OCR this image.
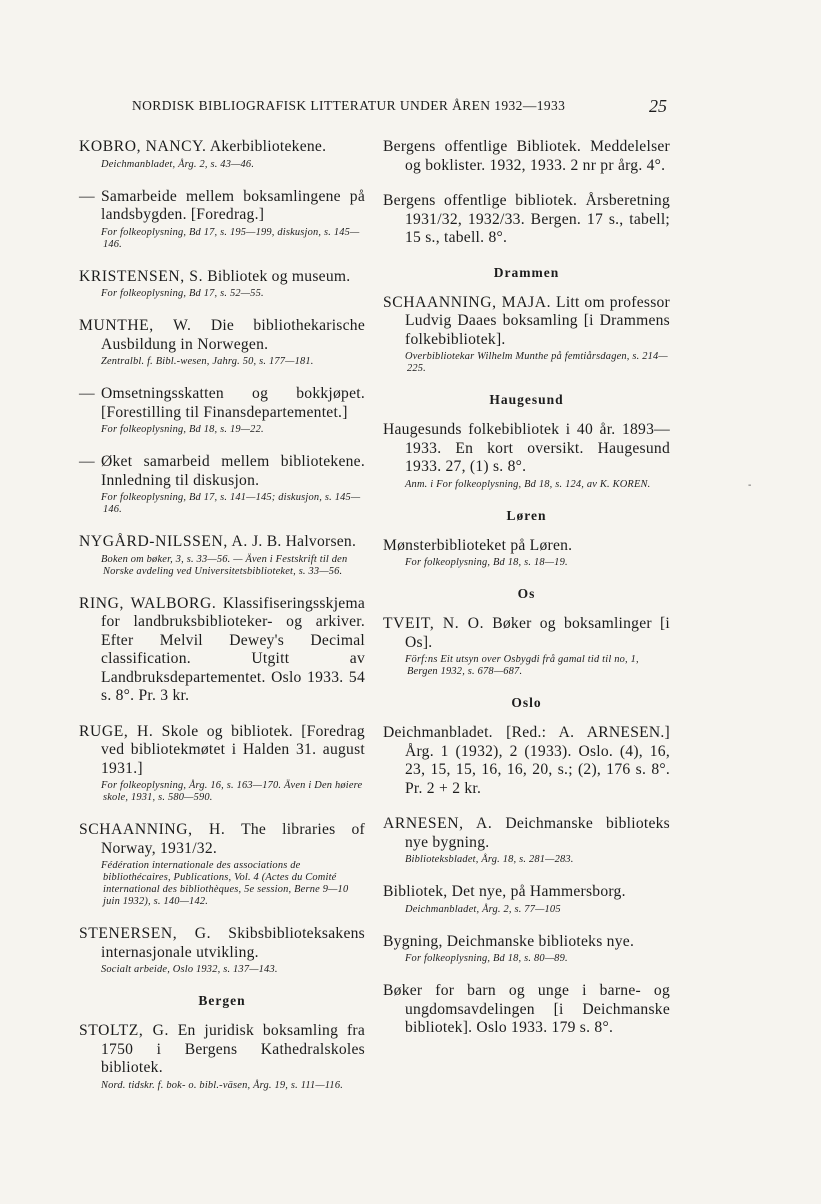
NORDISK BIBLIOGRAFISK LITTERATUR UNDER ÅREN 1932—1933	25
KOBRO, NANCY. Akerbibliotekene.
Deichmanbladet, Årg. 2, s. 43—46.
— Samarbeide mellem boksamlingene på landsbygden. [Foredrag.]
For folkeoplysning, Bd 17, s. 195—199, diskusjon, s. 145—146.
KRISTENSEN, S. Bibliotek og museum.
For folkeoplysning, Bd 17, s. 52—55.
MUNTHE, W. Die bibliothekarische Ausbildung in Norwegen.
Zentralbl. f. Bibl.-wesen, Jahrg. 50, s. 177—181.
— Omsetningsskatten og bokkjøpet. [Forestilling til Finansdepartementet.]
For folkeoplysning, Bd 18, s. 19—22.
— Øket samarbeid mellem bibliotekene. Innledning til diskusjon.
For folkeoplysning, Bd 17, s. 141—145; diskusjon, s. 145—146.
NYGÅRD-NILSSEN, A. J. B. Halvorsen.
Boken om bøker, 3, s. 33—56. — Även i Festskrift til den Norske avdeling ved Universitetsbiblioteket, s. 33—56.
RING, WALBORG. Klassifiseringsskjema for landbruksbiblioteker- og arkiver. Efter Melvil Dewey's Decimal classification. Utgitt av Landbruksdepartementet. Oslo 1933. 54 s. 8°. Pr. 3 kr.
RUGE, H. Skole og bibliotek. [Foredrag ved bibliotekmøtet i Halden 31. august 1931.]
For folkeoplysning, Årg. 16, s. 163—170. Även i Den høiere skole, 1931, s. 580—590.
SCHAANNING, H. The libraries of Norway, 1931/32.
Fédération internationale des associations de bibliothécaires, Publications, Vol. 4 (Actes du Comité international des bibliothèques, 5e session, Berne 9—10 juin 1932), s. 140—142.
STENERSEN, G. Skibsbiblioteksakens internasjonale utvikling.
Socialt arbeide, Oslo 1932, s. 137—143.
Bergen
STOLTZ, G. En juridisk boksamling fra 1750 i Bergens Kathedralskoles bibliotek.
Nord. tidskr. f. bok- o. bibl.-väsen, Årg. 19, s. 111—116.
Bergens offentlige Bibliotek. Meddelelser og boklister. 1932, 1933. 2 nr pr årg. 4°.
Bergens offentlige bibliotek. Årsberetning 1931/32, 1932/33. Bergen. 17 s., tabell; 15 s., tabell. 8°.
Drammen
SCHAANNING, MAJA. Litt om professor Ludvig Daaes boksamling [i Drammens folkebibliotek].
Overbibliotekar Wilhelm Munthe på femtiårsdagen, s. 214—225.
Haugesund
Haugesunds folkebibliotek i 40 år. 1893—1933. En kort oversikt. Haugesund 1933. 27, (1) s. 8°.
Anm. i For folkeoplysning, Bd 18, s. 124, av K. KOREN.
Løren
Mønsterbiblioteket på Løren.
For folkeoplysning, Bd 18, s. 18—19.
Os
TVEIT, N. O. Bøker og boksamlinger [i Os].
Förf:ns Eit utsyn over Osbygdi frå gamal tid til no, 1, Bergen 1932, s. 678—687.
Oslo
Deichmanbladet. [Red.: A. ARNESEN.] Årg. 1 (1932), 2 (1933). Oslo. (4), 16, 23, 15, 15, 16, 16, 20, s.; (2), 176 s. 8°. Pr. 2 + 2 kr.
ARNESEN, A. Deichmanske biblioteks nye bygning.
Biblioteksbladet, Årg. 18, s. 281—283.
Bibliotek, Det nye, på Hammersborg.
Deichmanbladet, Årg. 2, s. 77—105
Bygning, Deichmanske biblioteks nye.
For folkeoplysning, Bd 18, s. 80—89.
Bøker for barn og unge i barne- og ungdomsavdelingen [i Deichmanske bibliotek]. Oslo 1933. 179 s. 8°.
-
